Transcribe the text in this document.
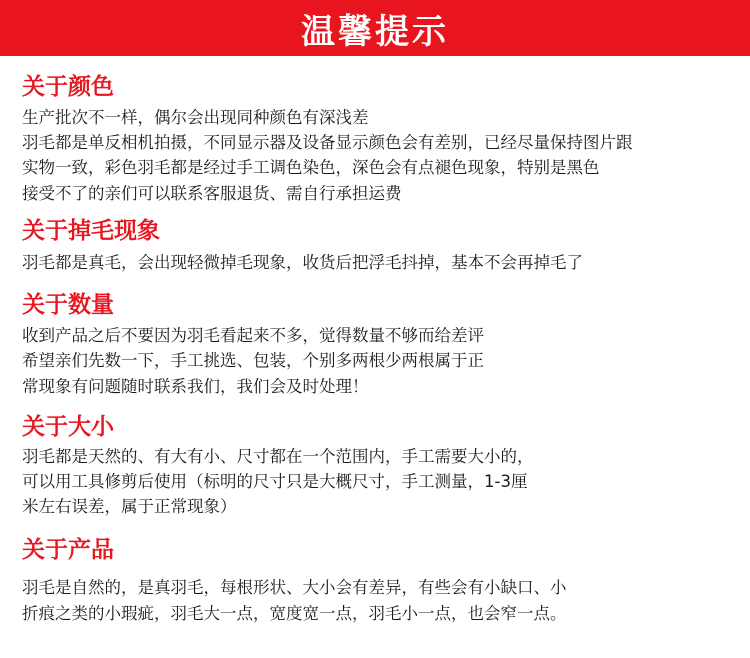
温馨提示
关于颜色
生产批次不一样，偶尔会出现同种颜色有深浅差
羽毛都是单反相机拍摄，不同显示器及设备显示颜色会有差别，已经尽量保持图片跟
实物一致，彩色羽毛都是经过手工调色染色，深色会有点褪色现象，特别是黑色
接受不了的亲们可以联系客服退货、需自行承担运费
关于掉毛现象
羽毛都是真毛，会出现轻微掉毛现象，收货后把浮毛抖掉，基本不会再掉毛了
关于数量
收到产品之后不要因为羽毛看起来不多，觉得数量不够而给差评
希望亲们先数一下，手工挑选、包装，个别多两根少两根属于正
常现象有问题随时联系我们，我们会及时处理！
关于大小
羽毛都是天然的、有大有小、尺寸都在一个范围内，手工需要大小的，
可以用工具修剪后使用（标明的尺寸只是大概尺寸，手工测量，1-3厘
米左右误差，属于正常现象）
关于产品
羽毛是自然的，是真羽毛，每根形状、大小会有差异，有些会有小缺口、小
折痕之类的小瑕疵，羽毛大一点，宽度宽一点，羽毛小一点，也会窄一点。
